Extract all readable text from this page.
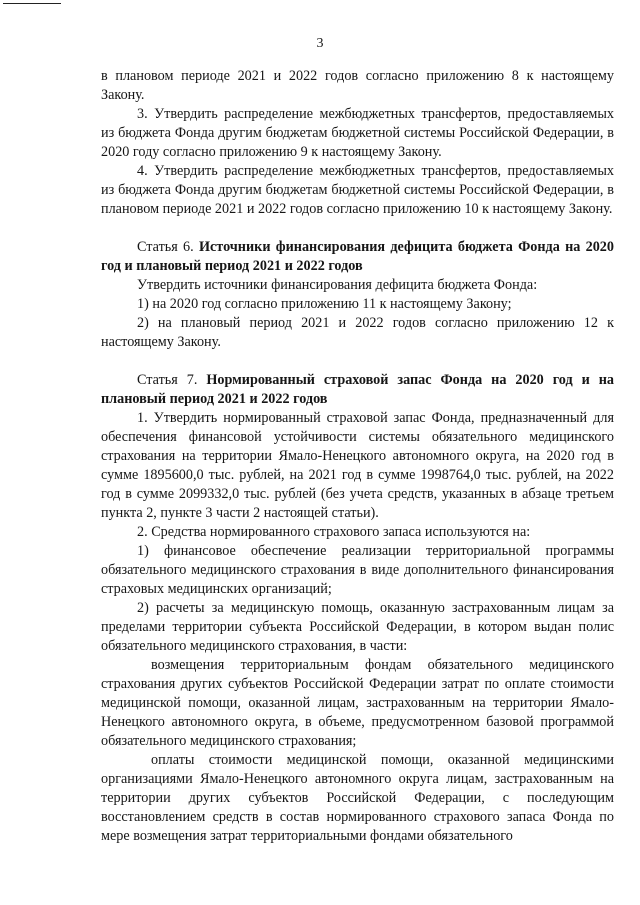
3

в плановом периоде 2021 и 2022 годов согласно приложению 8 к настоящему Закону.

3. Утвердить распределение межбюджетных трансфертов, предоставляемых из бюджета Фонда другим бюджетам бюджетной системы Российской Федерации, в 2020 году согласно приложению 9 к настоящему Закону.

4. Утвердить распределение межбюджетных трансфертов, предоставляемых из бюджета Фонда другим бюджетам бюджетной системы Российской Федерации, в плановом периоде 2021 и 2022 годов согласно приложению 10 к настоящему Закону.

Статья 6. Источники финансирования дефицита бюджета Фонда на 2020 год и плановый период 2021 и 2022 годов

Утвердить источники финансирования дефицита бюджета Фонда:

1) на 2020 год согласно приложению 11 к настоящему Закону;

2) на плановый период 2021 и 2022 годов согласно приложению 12 к настоящему Закону.

Статья 7. Нормированный страховой запас Фонда на 2020 год и на плановый период 2021 и 2022 годов

1. Утвердить нормированный страховой запас Фонда, предназначенный для обеспечения финансовой устойчивости системы обязательного медицинского страхования на территории Ямало-Ненецкого автономного округа, на 2020 год в сумме 1895600,0 тыс. рублей, на 2021 год в сумме 1998764,0 тыс. рублей, на 2022 год в сумме 2099332,0 тыс. рублей (без учета средств, указанных в абзаце третьем пункта 2, пункте 3 части 2 настоящей статьи).

2. Средства нормированного страхового запаса используются на:

1) финансовое обеспечение реализации территориальной программы обязательного медицинского страхования в виде дополнительного финансирования страховых медицинских организаций;

2) расчеты за медицинскую помощь, оказанную застрахованным лицам за пределами территории субъекта Российской Федерации, в котором выдан полис обязательного медицинского страхования, в части:

возмещения территориальным фондам обязательного медицинского страхования других субъектов Российской Федерации затрат по оплате стоимости медицинской помощи, оказанной лицам, застрахованным на территории Ямало-Ненецкого автономного округа, в объеме, предусмотренном базовой программой обязательного медицинского страхования;

оплаты стоимости медицинской помощи, оказанной медицинскими организациями Ямало-Ненецкого автономного округа лицам, застрахованным на территории других субъектов Российской Федерации, с последующим восстановлением средств в состав нормированного страхового запаса Фонда по мере возмещения затрат территориальными фондами обязательного
